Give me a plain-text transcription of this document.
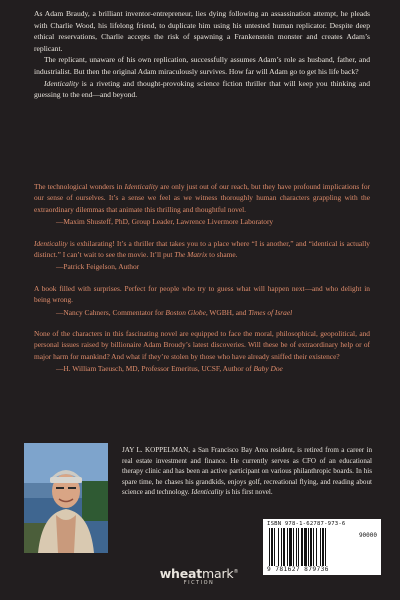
As Adam Braudy, a brilliant inventor-entrepreneur, lies dying following an assassination attempt, he pleads with Charlie Wood, his lifelong friend, to duplicate him using his untested human replicator. Despite deep ethical reservations, Charlie accepts the risk of spawning a Frankenstein monster and creates Adam’s replicant.

The replicant, unaware of his own replication, successfully assumes Adam’s role as husband, father, and industrialist. But then the original Adam miraculously survives. How far will Adam go to get his life back?

Identicality is a riveting and thought-provoking science fiction thriller that will keep you thinking and guessing to the end—and beyond.

The technological wonders in Identicality are only just out of our reach, but they have profound implications for our sense of ourselves. It’s a sense we feel as we witness thoroughly human characters grappling with the extraordinary dilemmas that animate this thrilling and thoughtful novel.

—Maxim Shusteff, PhD, Group Leader, Lawrence Livermore Laboratory

Identicality is exhilarating! It’s a thriller that takes you to a place where “I is another,” and “identical is actually distinct.” I can’t wait to see the movie. It’ll put The Matrix to shame.

—Patrick Feigelson, Author

A book filled with surprises. Perfect for people who try to guess what will happen next—and who delight in being wrong.

—Nancy Cahners, Commentator for Boston Globe, WGBH, and Times of Israel

None of the characters in this fascinating novel are equipped to face the moral, philosophical, geopolitical, and personal issues raised by billionaire Adam Broudy’s latest discoveries. Will these be of extraordinary help or of major harm for mankind? And what if they’re stolen by those who have already sniffed their existence?

—H. William Taeusch, MD, Professor Emeritus, UCSF, Author of Baby Doe

JAY L. KOPPELMAN, a San Francisco Bay Area resident, is retired from a career in real estate investment and finance. He currently serves as CFO of an educational therapy clinic and has been an active participant on various philanthropic boards. In his spare time, he chases his grandkids, enjoys golf, recreational flying, and reading about science and technology. Identicality is his first novel.

ISBN 978-1-62787-973-6
90000
9 781627 879736
wheatmark®
FICTION
